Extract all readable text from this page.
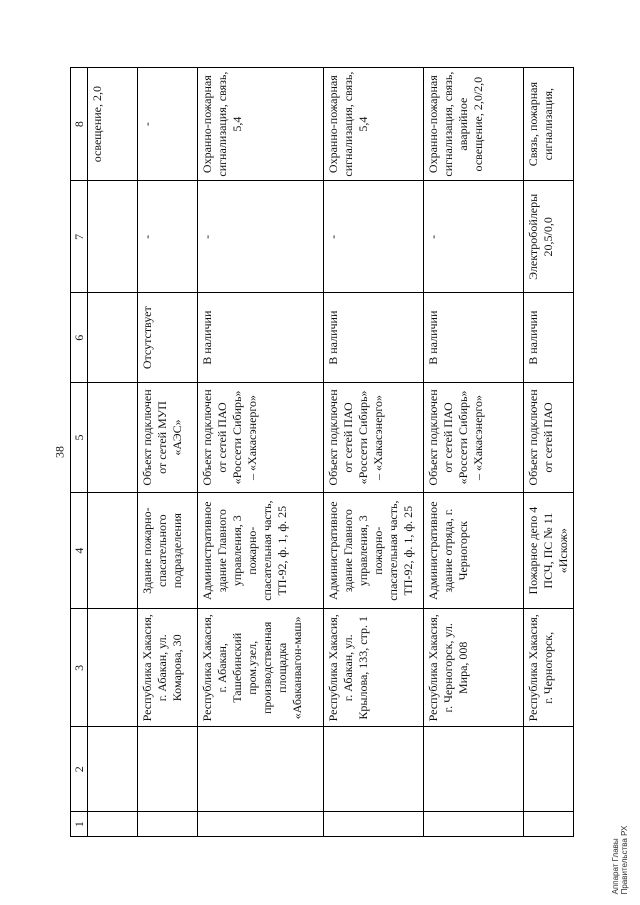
38
Аппарат Главы Правительства РХ
1	2	3	4	5	6	7	8
							освещение, 2,0
		Республика Хакасия, г. Абакан, ул. Комарова, 30	Здание пожарно-спасательного подразделения	Объект подключен от сетей МУП «АЭС»	Отсутствует	-	-
		Республика Хакасия, г. Абакан, Ташебинский пром.узел, производственная площадка «Абаканвагон-маш»	Административное здание Главного управления, 3 пожарно-спасательная часть, ТП-92, ф. 1, ф. 25	Объект подключен от сетей ПАО «Россети Сибирь» – «Хакасэнерго»	В наличии	-	Охранно-пожарная сигнализация, связь, 5,4
		Республика Хакасия, г. Абакан, ул. Крылова, 133, стр. 1	Административное здание Главного управления, 3 пожарно-спасательная часть, ТП-92, ф. 1, ф. 25	Объект подключен от сетей ПАО «Россети Сибирь» – «Хакасэнерго»	В наличии	-	Охранно-пожарная сигнализация, связь, 5,4
		Республика Хакасия, г. Черногорск, ул. Мира, 008	Административное здание отряда, г. Черногорск	Объект подключен от сетей ПАО «Россети Сибирь» – «Хакасэнерго»	В наличии	-	Охранно-пожарная сигнализация, связь, аварийное освещение, 2,0/2,0
		Республика Хакасия, г. Черногорск,	Пожарное депо 4 ПСЧ, ПС № 11 «Искож»	Объект подключен от сетей ПАО	В наличии	Электробойлеры 20,5/0,0	Связь, пожарная сигнализация,
